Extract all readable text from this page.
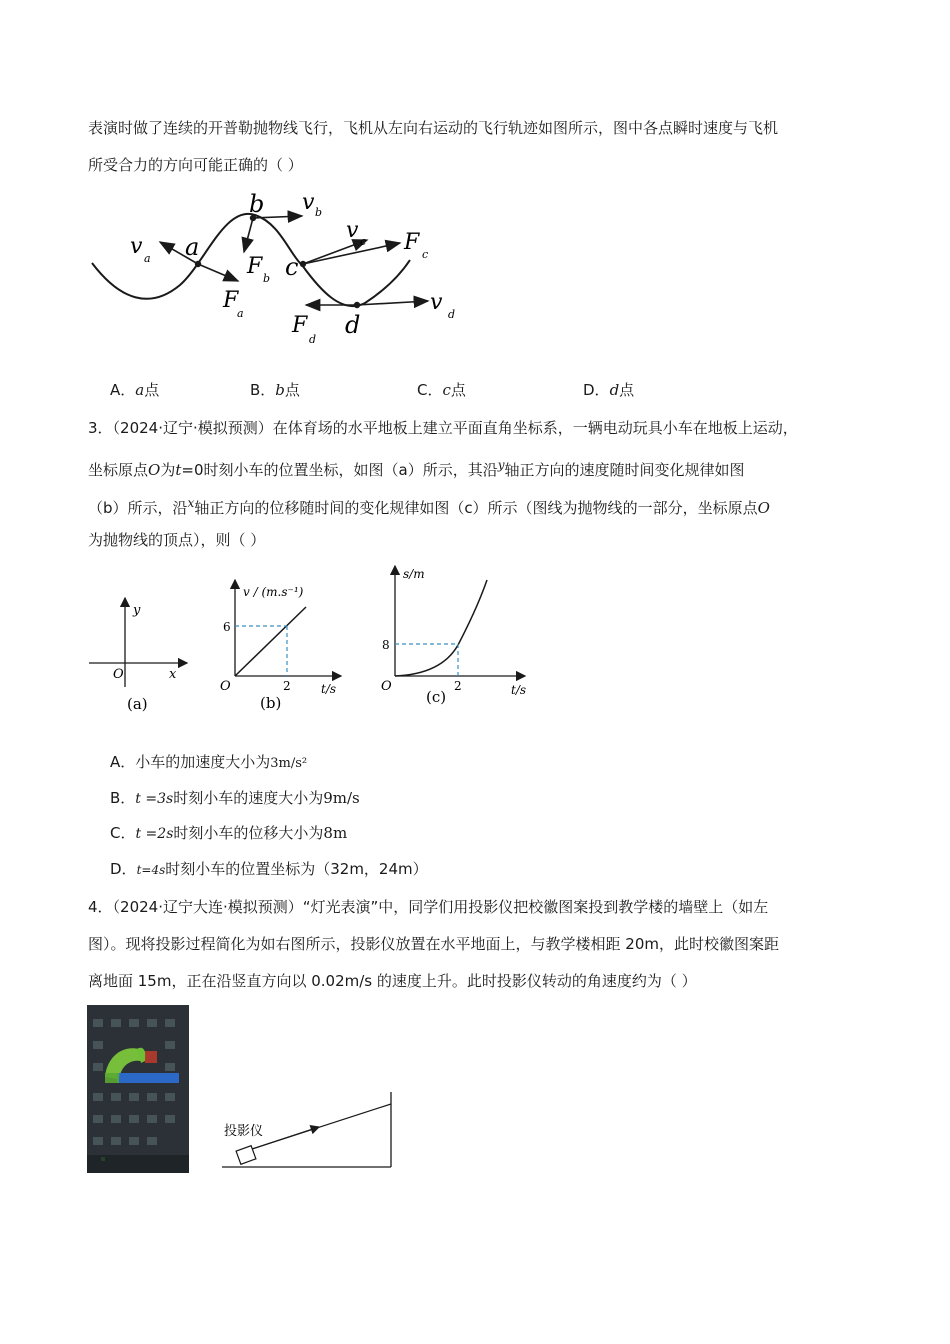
表演时做了连续的开普勒抛物线飞行，飞机从左向右运动的飞行轨迹如图所示，图中各点瞬时速度与飞机
所受合力的方向可能正确的（ ）
v a a
F
a
b v b
F b c
v c F c
v d
F
d
d
A．a点	B．b点	C．c点	D．d点
3．（2024·辽宁·模拟预测）在体育场的水平地板上建立平面直角坐标系，一辆电动玩具小车在地板上运动，
坐标原点O为t=0时刻小车的位置坐标，如图（a）所示，其沿$^y$轴正方向的速度随时间变化规律如图
（b）所示，沿$^x$轴正方向的位移随时间的变化规律如图（c）所示（图线为抛物线的一部分，坐标原点O
为抛物线的顶点），则（ ）
y
x
O
(a)
v / (m.s⁻¹)
6
2	t/s
O
(b)
s/m
8
2	t/s
O
(c)
A．小车的加速度大小为3m/s²
B．t =3s时刻小车的速度大小为9m/s
C．t =2s时刻小车的位移大小为8m
D．t=4s时刻小车的位置坐标为（32m，24m）
4．（2024·辽宁大连·模拟预测）“灯光表演”中，同学们用投影仪把校徽图案投到教学楼的墙壁上（如左
图）。现将投影过程简化为如右图所示，投影仪放置在水平地面上，与教学楼相距 20m，此时校徽图案距
离地面 15m，正在沿竖直方向以 0.02m/s 的速度上升。此时投影仪转动的角速度约为（ ）
投影仪
